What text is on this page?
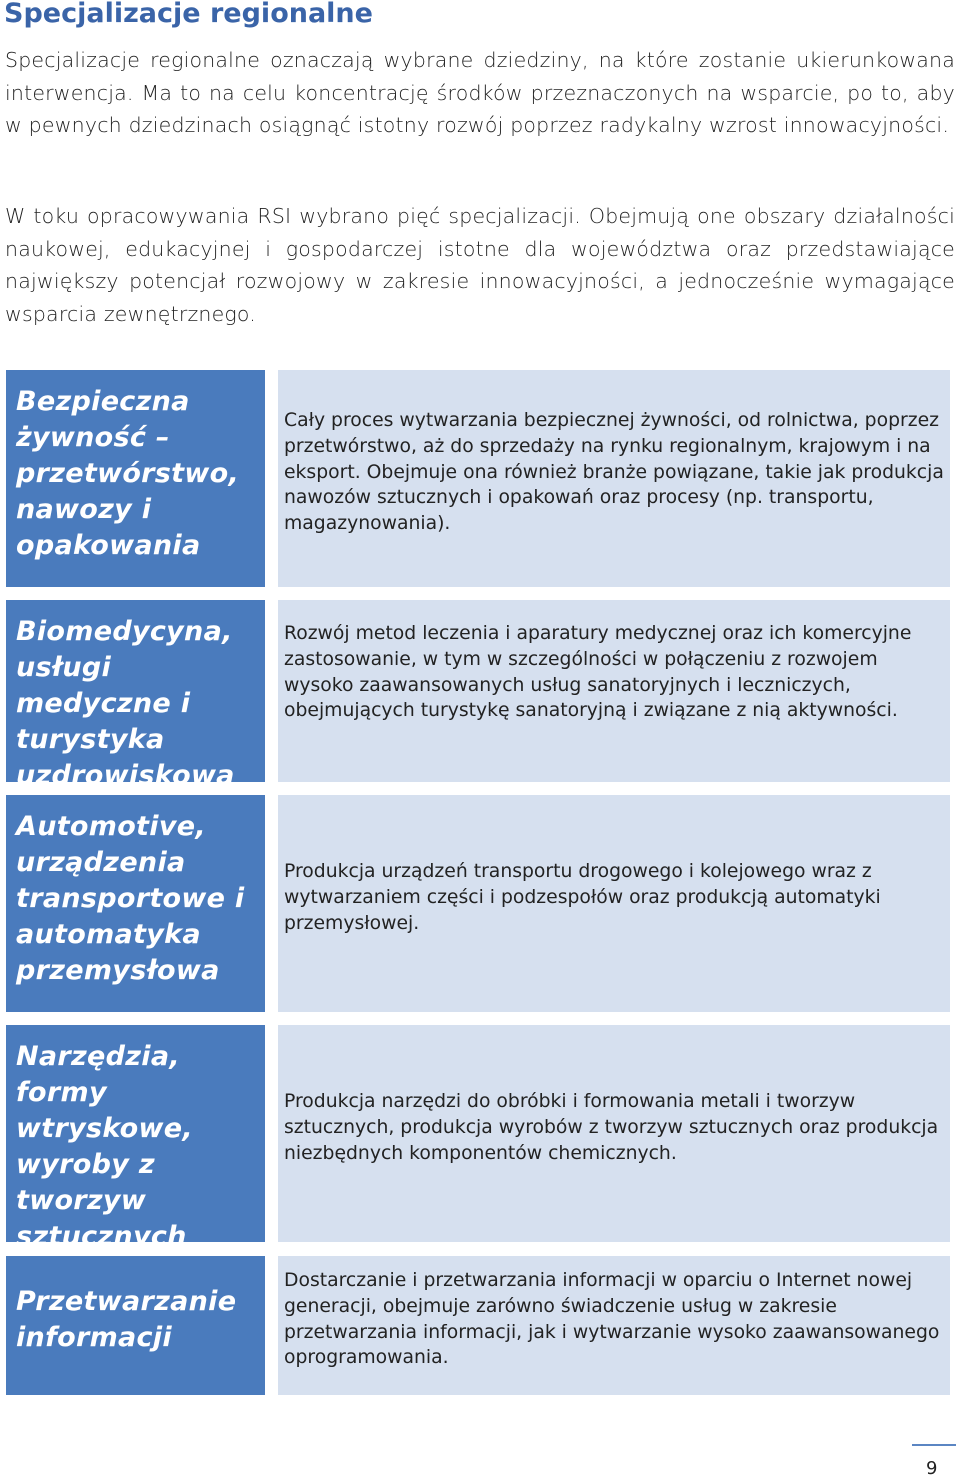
Specjalizacje regionalne

Specjalizacje regionalne oznaczają wybrane dziedziny, na które zostanie ukierunkowana interwencja. Ma to na celu koncentrację środków przeznaczonych na wsparcie, po to, aby w pewnych dziedzinach osiągnąć istotny rozwój poprzez radykalny wzrost innowacyjności.

W toku opracowywania RSI wybrano pięć specjalizacji. Obejmują one obszary działalności naukowej, edukacyjnej i gospodarczej istotne dla województwa oraz przedstawiające największy potencjał rozwojowy w zakresie innowacyjności, a jednocześnie wymagające wsparcia zewnętrznego.

Bezpieczna żywność – przetwórstwo, nawozy i opakowania

Cały proces wytwarzania bezpiecznej żywności, od rolnictwa, poprzez przetwórstwo, aż do sprzedaży na rynku regionalnym, krajowym i na eksport. Obejmuje ona również branże powiązane, takie jak produkcja nawozów sztucznych i opakowań oraz procesy (np. transportu, magazynowania).

Biomedycyna, usługi medyczne i turystyka uzdrowiskowa

Rozwój metod leczenia i aparatury medycznej oraz ich komercyjne zastosowanie, w tym w szczególności w połączeniu z rozwojem wysoko zaawansowanych usług sanatoryjnych i leczniczych, obejmujących turystykę sanatoryjną i związane z nią aktywności.

Automotive, urządzenia transportowe i automatyka przemysłowa

Produkcja urządzeń transportu drogowego i kolejowego wraz z wytwarzaniem części i podzespołów oraz produkcją automatyki przemysłowej.

Narzędzia, formy wtryskowe, wyroby z tworzyw sztucznych

Produkcja narzędzi do obróbki i formowania metali i tworzyw sztucznych, produkcja wyrobów z tworzyw sztucznych oraz produkcja niezbędnych komponentów chemicznych.

Przetwarzanie informacji

Dostarczanie i przetwarzania informacji w oparciu o Internet nowej generacji, obejmuje zarówno świadczenie usług w zakresie przetwarzania informacji, jak i wytwarzanie wysoko zaawansowanego oprogramowania.

9
